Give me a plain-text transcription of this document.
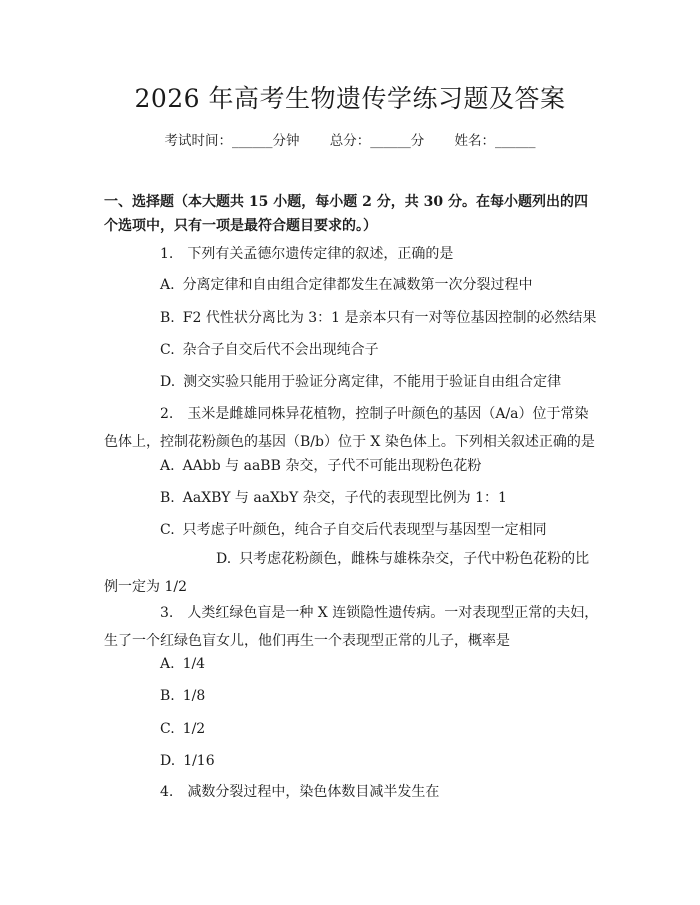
2026 年高考生物遗传学练习题及答案
考试时间：______分钟 总分：______分 姓名：______
一、选择题（本大题共 15 小题，每小题 2 分，共 30 分。在每小题列出的四个选项中，只有一项是最符合题目要求的。）
1. 下列有关孟德尔遗传定律的叙述，正确的是
A. 分离定律和自由组合定律都发生在减数第一次分裂过程中
B. F2 代性状分离比为 3：1 是亲本只有一对等位基因控制的必然结果
C. 杂合子自交后代不会出现纯合子
D. 测交实验只能用于验证分离定律，不能用于验证自由组合定律
2. 玉米是雌雄同株异花植物，控制子叶颜色的基因（A/a）位于常染色体上，控制花粉颜色的基因（B/b）位于 X 染色体上。下列相关叙述正确的是
A. AAbb 与 aaBB 杂交，子代不可能出现粉色花粉
B. AaXBY 与 aaXbY 杂交，子代的表现型比例为 1：1
C. 只考虑子叶颜色，纯合子自交后代表现型与基因型一定相同
D. 只考虑花粉颜色，雌株与雄株杂交，子代中粉色花粉的比例一定为 1/2
3. 人类红绿色盲是一种 X 连锁隐性遗传病。一对表现型正常的夫妇，生了一个红绿色盲女儿，他们再生一个表现型正常的儿子，概率是
A. 1/4
B. 1/8
C. 1/2
D. 1/16
4. 减数分裂过程中，染色体数目减半发生在
